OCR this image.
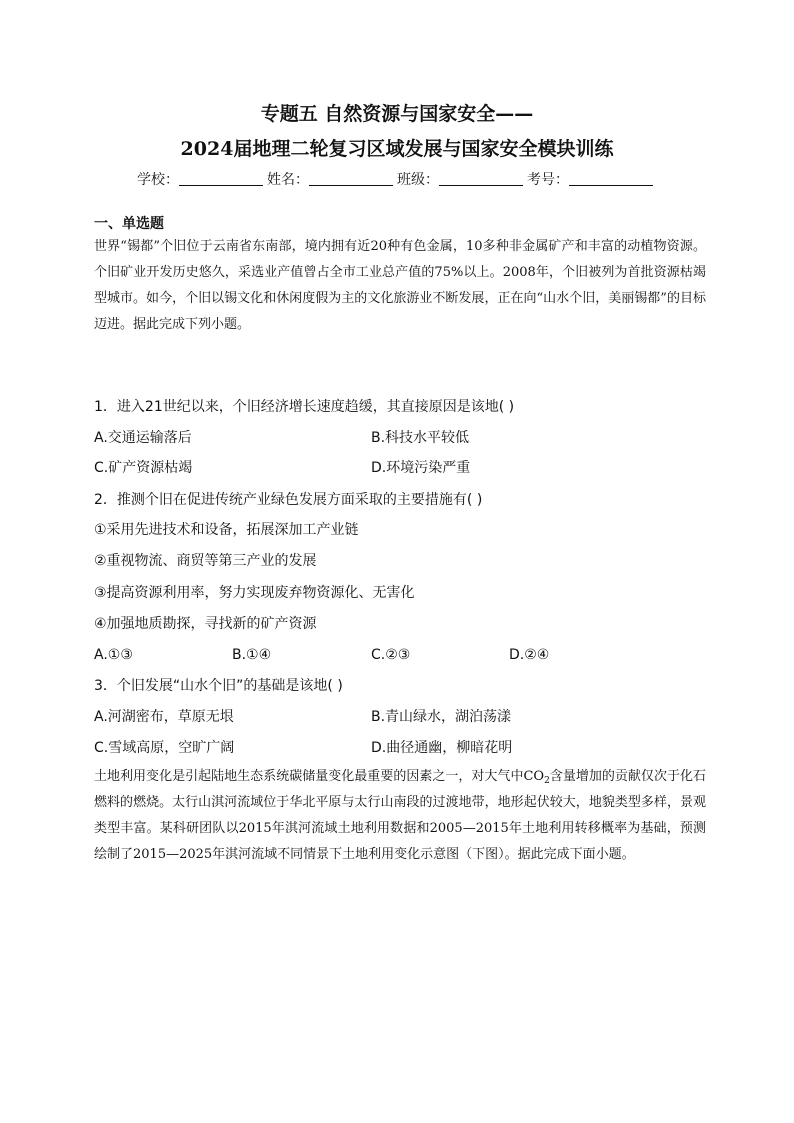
专题五 自然资源与国家安全——
2024届地理二轮复习区域发展与国家安全模块训练
学校：	姓名：	班级：	考号：
一、单选题
世界“锡都”个旧位于云南省东南部，境内拥有近20种有色金属，10多种非金属矿产和丰富的动植物资源。个旧矿业开发历史悠久，采选业产值曾占全市工业总产值的75%以上。2008年，个旧被列为首批资源枯竭型城市。如今，个旧以锡文化和休闲度假为主的文化旅游业不断发展，正在向“山水个旧，美丽锡都”的目标迈进。据此完成下列小题。
1．进入21世纪以来，个旧经济增长速度趋缓，其直接原因是该地( )
A.交通运输落后	B.科技水平较低
C.矿产资源枯竭	D.环境污染严重
2．推测个旧在促进传统产业绿色发展方面采取的主要措施有( )
①采用先进技术和设备，拓展深加工产业链
②重视物流、商贸等第三产业的发展
③提高资源利用率，努力实现废弃物资源化、无害化
④加强地质勘探，寻找新的矿产资源
A.①③	B.①④	C.②③	D.②④
3．个旧发展“山水个旧”的基础是该地( )
A.河湖密布，草原无垠	B.青山绿水，湖泊荡漾
C.雪域高原，空旷广阔	D.曲径通幽，柳暗花明
土地利用变化是引起陆地生态系统碳储量变化最重要的因素之一，对大气中$CO_2$含量增加的贡献仅次于化石燃料的燃烧。太行山淇河流域位于华北平原与太行山南段的过渡地带，地形起伏较大，地貌类型多样，景观类型丰富。某科研团队以2015年淇河流域土地利用数据和2005—2015年土地利用转移概率为基础，预测绘制了2015—2025年淇河流域不同情景下土地利用变化示意图（下图）。据此完成下面小题。
